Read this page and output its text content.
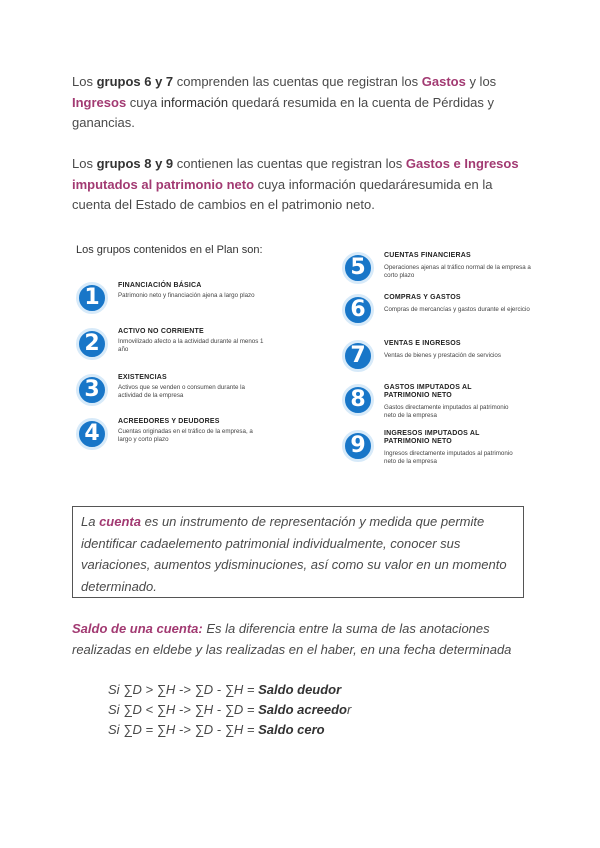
Los grupos 6 y 7 comprenden las cuentas que registran los Gastos y los Ingresos cuya información quedará resumida en la cuenta de Pérdidas y ganancias.
Los grupos 8 y 9 contienen las cuentas que registran los Gastos e Ingresos imputados al patrimonio neto cuya información quedaráresumida en la cuenta del Estado de cambios en el patrimonio neto.
Los grupos contenidos en el Plan son:
1	FINANCIACIÓN BÁSICA
Patrimonio neto y financiación ajena a largo plazo
2	ACTIVO NO CORRIENTE
Inmovilizado afecto a la actividad durante al menos 1 año
3	EXISTENCIAS
Activos que se venden o consumen durante la actividad de la empresa
4	ACREEDORES Y DEUDORES
Cuentas originadas en el tráfico de la empresa, a largo y corto plazo
5	CUENTAS FINANCIERAS
Operaciones ajenas al tráfico normal de la empresa a corto plazo
6	COMPRAS Y GASTOS
Compras de mercancías y gastos durante el ejercicio
7	VENTAS E INGRESOS
Ventas de bienes y prestación de servicios
8	GASTOS IMPUTADOS AL PATRIMONIO NETO
Gastos directamente imputados al patrimonio neto de la empresa
9	INGRESOS IMPUTADOS AL PATRIMONIO NETO
Ingresos directamente imputados al patrimonio neto de la empresa
La cuenta es un instrumento de representación y medida que permite identificar cadaelemento patrimonial individualmente, conocer sus variaciones, aumentos ydisminuciones, así como su valor en un momento determinado.
Saldo de una cuenta: Es la diferencia entre la suma de las anotaciones realizadas en eldebe y las realizadas en el haber, en una fecha determinada
Si ∑D > ∑H -> ∑D - ∑H = Saldo deudor
Si ∑D < ∑H -> ∑H - ∑D = Saldo acreedor
Si ∑D = ∑H -> ∑D - ∑H = Saldo cero
